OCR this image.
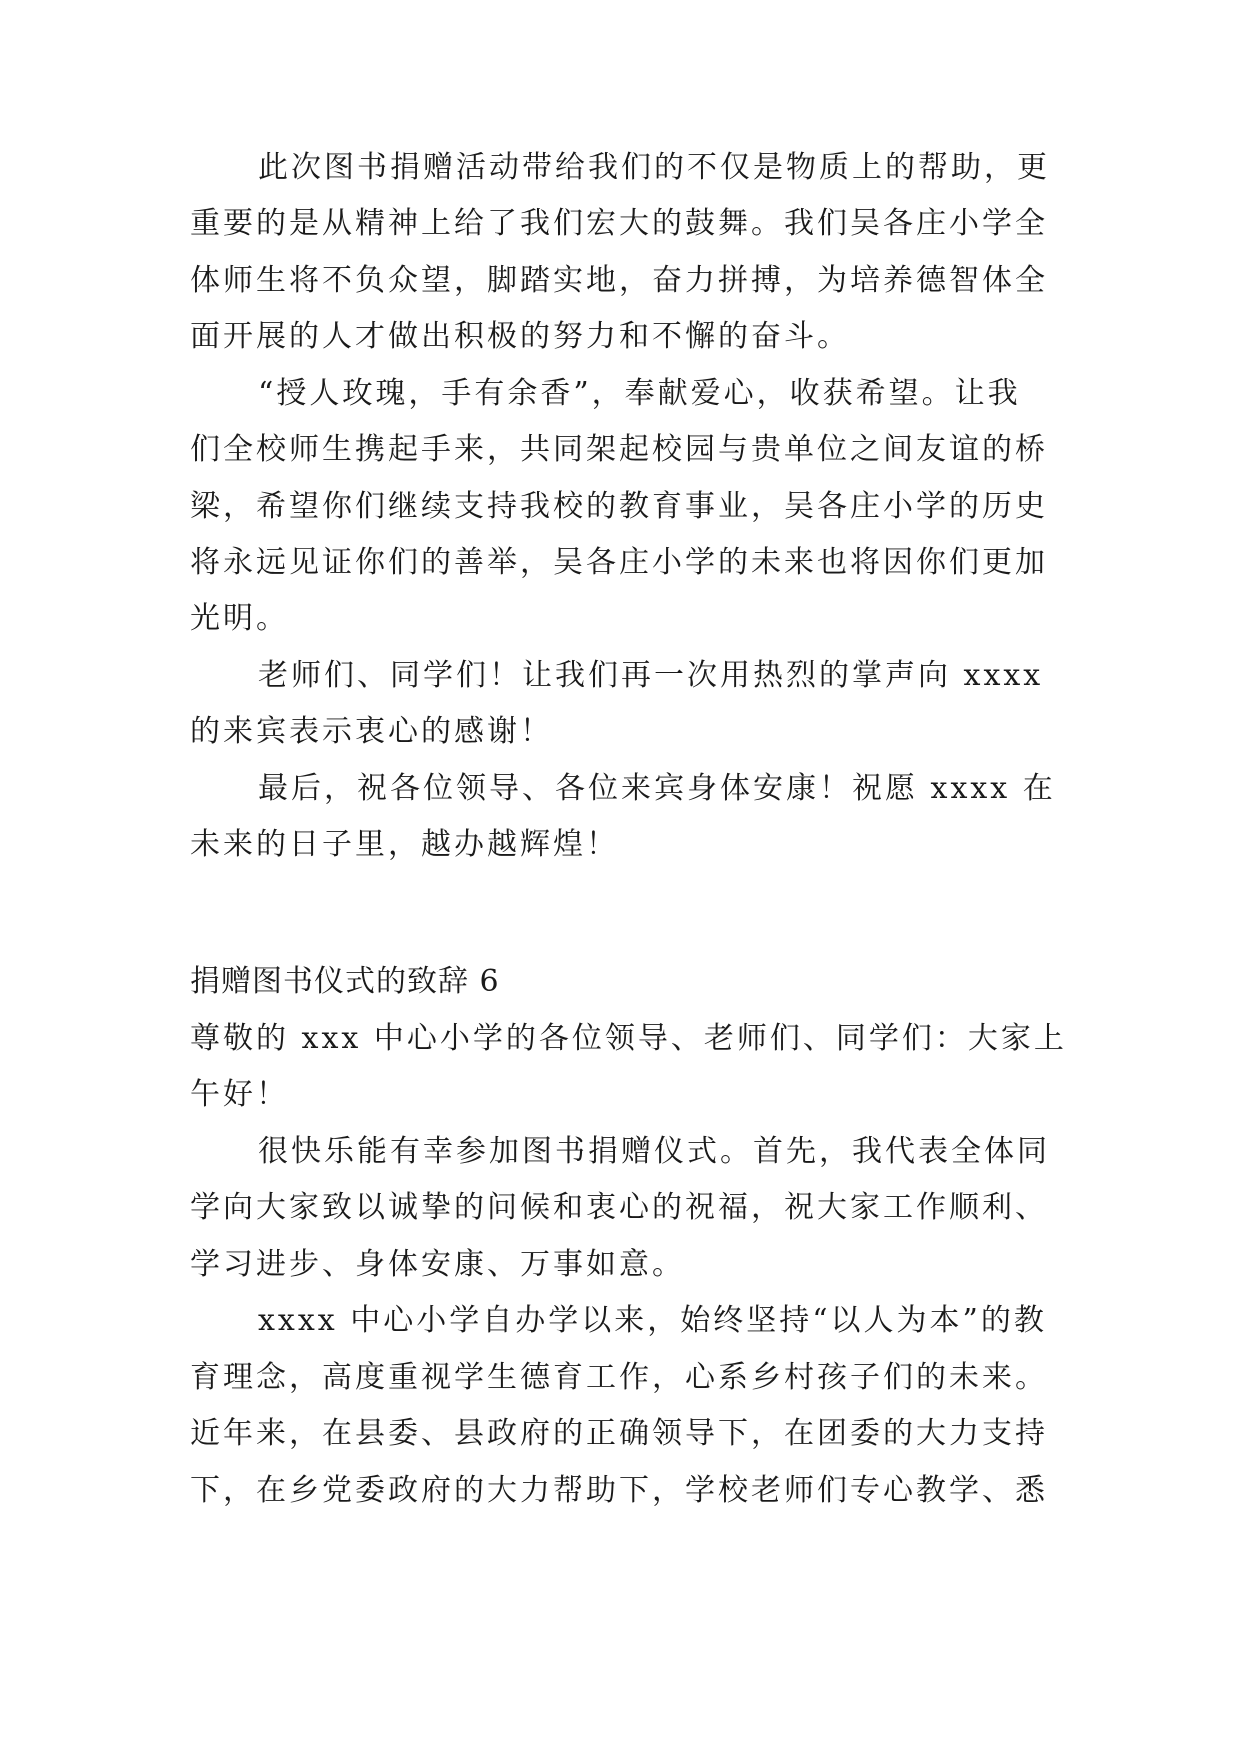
此次图书捐赠活动带给我们的不仅是物质上的帮助，更
重要的是从精神上给了我们宏大的鼓舞。我们吴各庄小学全
体师生将不负众望，脚踏实地，奋力拼搏，为培养德智体全
面开展的人才做出积极的努力和不懈的奋斗。
“授人玫瑰，手有余香”，奉献爱心，收获希望。让我
们全校师生携起手来，共同架起校园与贵单位之间友谊的桥
梁，希望你们继续支持我校的教育事业，吴各庄小学的历史
将永远见证你们的善举，吴各庄小学的未来也将因你们更加
光明。
老师们、同学们！让我们再一次用热烈的掌声向 xxxx
的来宾表示衷心的感谢！
最后，祝各位领导、各位来宾身体安康！祝愿 xxxx 在
未来的日子里，越办越辉煌！
捐赠图书仪式的致辞 6
尊敬的 xxx 中心小学的各位领导、老师们、同学们：大家上
午好！
很快乐能有幸参加图书捐赠仪式。首先，我代表全体同
学向大家致以诚挚的问候和衷心的祝福，祝大家工作顺利、
学习进步、身体安康、万事如意。
xxxx 中心小学自办学以来，始终坚持“以人为本”的教
育理念，高度重视学生德育工作，心系乡村孩子们的未来。
近年来，在县委、县政府的正确领导下，在团委的大力支持
下，在乡党委政府的大力帮助下，学校老师们专心教学、悉
